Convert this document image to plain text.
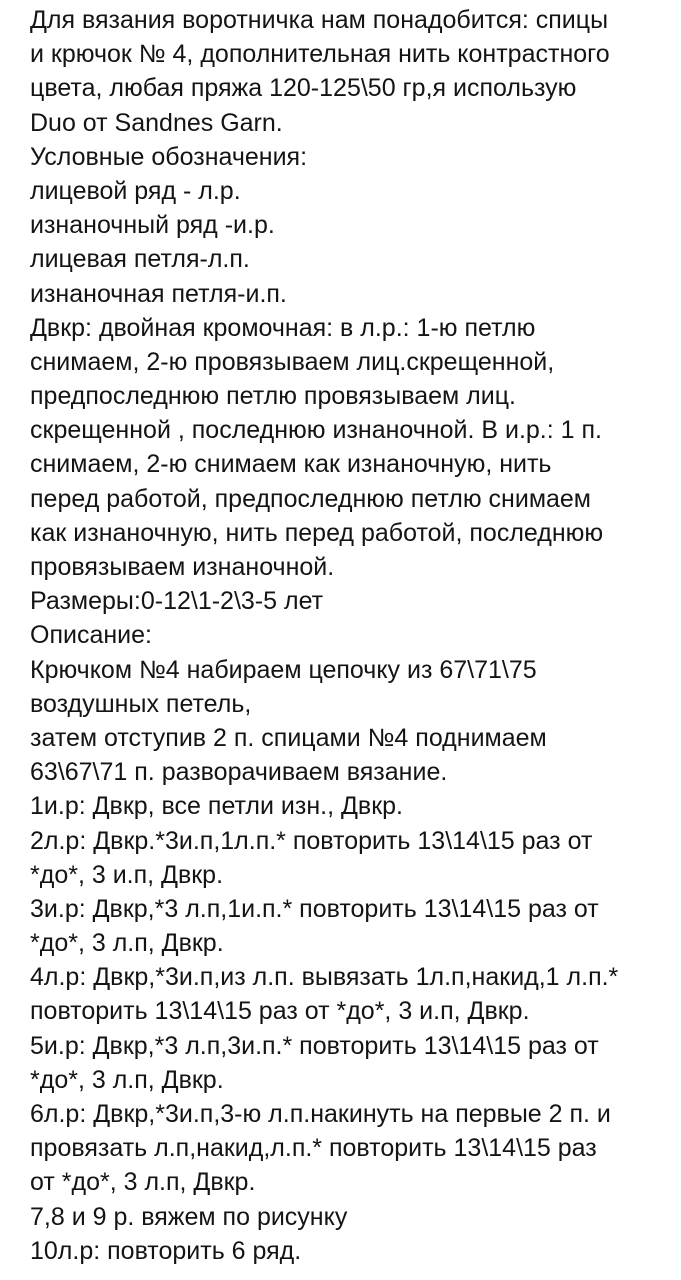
Для вязания воротничка нам понадобится: спицы
и крючок № 4, дополнительная нить контрастного
цвета, любая пряжа 120-125\50 гр,я использую
Duo от Sandnes Garn.
Условные обозначения:
лицевой ряд - л.р.
изнаночный ряд -и.р.
лицевая петля-л.п.
изнаночная петля-и.п.
Двкр: двойная кромочная: в л.р.: 1-ю петлю
снимаем, 2-ю провязываем лиц.скрещенной,
предпоследнюю петлю провязываем лиц.
скрещенной , последнюю изнаночной. В и.р.: 1 п.
снимаем, 2-ю снимаем как изнаночную, нить
перед работой, предпоследнюю петлю снимаем
как изнаночную, нить перед работой, последнюю
провязываем изнаночной.
Размеры:0-12\1-2\3-5 лет
Описание:
Крючком №4 набираем цепочку из 67\71\75
воздушных петель,
затем отступив 2 п. спицами №4 поднимаем
63\67\71 п. разворачиваем вязание.
1и.р: Двкр, все петли изн., Двкр.
2л.р: Двкр.*3и.п,1л.п.* повторить 13\14\15 раз от
*до*, 3 и.п, Двкр.
3и.р: Двкр,*3 л.п,1и.п.* повторить 13\14\15 раз от
*до*, 3 л.п, Двкр.
4л.р: Двкр,*3и.п,из л.п. вывязать 1л.п,накид,1 л.п.*
повторить 13\14\15 раз от *до*, 3 и.п, Двкр.
5и.р: Двкр,*3 л.п,3и.п.* повторить 13\14\15 раз от
*до*, 3 л.п, Двкр.
6л.р: Двкр,*3и.п,3-ю л.п.накинуть на первые 2 п. и
провязать л.п,накид,л.п.* повторить 13\14\15 раз
от *до*, 3 л.п, Двкр.
7,8 и 9 р. вяжем по рисунку
10л.р: повторить 6 ряд.
